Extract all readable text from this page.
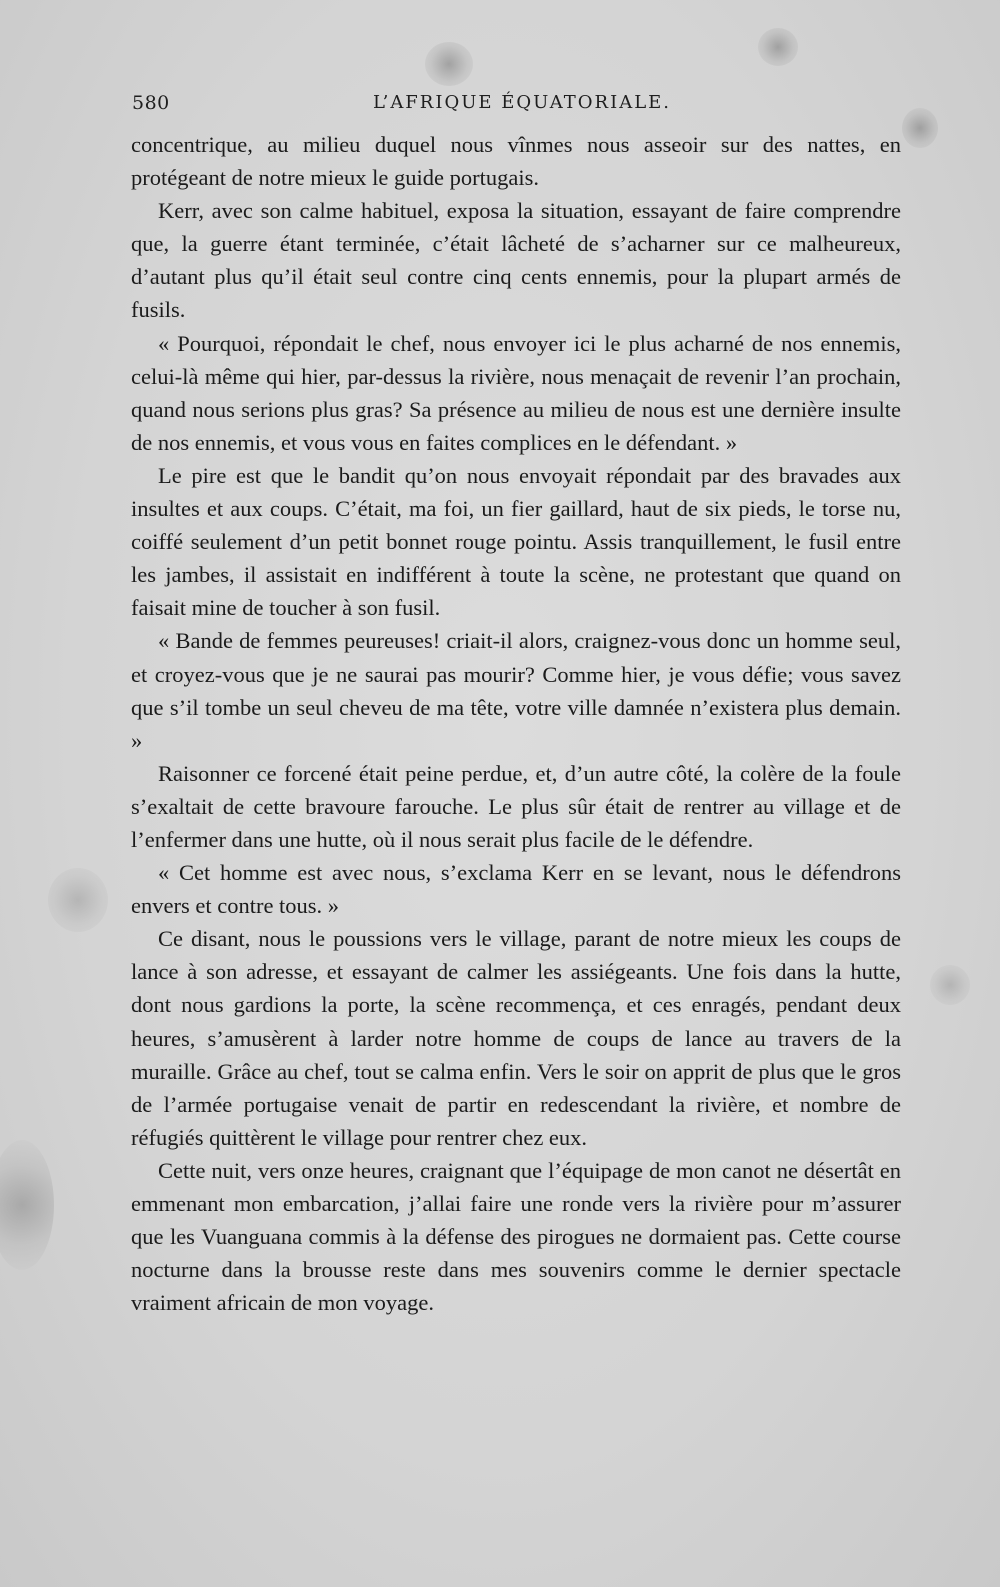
580	L’AFRIQUE ÉQUATORIALE.

concentrique, au milieu duquel nous vînmes nous asseoir sur des nattes, en protégeant de notre mieux le guide portugais.

Kerr, avec son calme habituel, exposa la situation, essayant de faire comprendre que, la guerre étant terminée, c’était lâcheté de s’acharner sur ce malheureux, d’autant plus qu’il était seul contre cinq cents ennemis, pour la plupart armés de fusils.

« Pourquoi, répondait le chef, nous envoyer ici le plus acharné de nos ennemis, celui-là même qui hier, par-dessus la rivière, nous menaçait de revenir l’an prochain, quand nous serions plus gras? Sa présence au milieu de nous est une dernière insulte de nos ennemis, et vous vous en faites complices en le défendant. »

Le pire est que le bandit qu’on nous envoyait répondait par des bravades aux insultes et aux coups. C’était, ma foi, un fier gaillard, haut de six pieds, le torse nu, coiffé seulement d’un petit bonnet rouge pointu. Assis tranquillement, le fusil entre les jambes, il assistait en indifférent à toute la scène, ne protestant que quand on faisait mine de toucher à son fusil.

« Bande de femmes peureuses! criait-il alors, craignez-vous donc un homme seul, et croyez-vous que je ne saurai pas mourir? Comme hier, je vous défie; vous savez que s’il tombe un seul cheveu de ma tête, votre ville damnée n’existera plus demain. »

Raisonner ce forcené était peine perdue, et, d’un autre côté, la colère de la foule s’exaltait de cette bravoure farouche. Le plus sûr était de rentrer au village et de l’enfermer dans une hutte, où il nous serait plus facile de le défendre.

« Cet homme est avec nous, s’exclama Kerr en se levant, nous le défendrons envers et contre tous. »

Ce disant, nous le poussions vers le village, parant de notre mieux les coups de lance à son adresse, et essayant de calmer les assiégeants. Une fois dans la hutte, dont nous gardions la porte, la scène recommença, et ces enragés, pendant deux heures, s’amusèrent à larder notre homme de coups de lance au travers de la muraille. Grâce au chef, tout se calma enfin. Vers le soir on apprit de plus que le gros de l’armée portugaise venait de partir en redescendant la rivière, et nombre de réfugiés quittèrent le village pour rentrer chez eux.

Cette nuit, vers onze heures, craignant que l’équipage de mon canot ne désertât en emmenant mon embarcation, j’allai faire une ronde vers la rivière pour m’assurer que les Vuanguana commis à la défense des pirogues ne dormaient pas. Cette course nocturne dans la brousse reste dans mes souvenirs comme le dernier spectacle vraiment africain de mon voyage.
